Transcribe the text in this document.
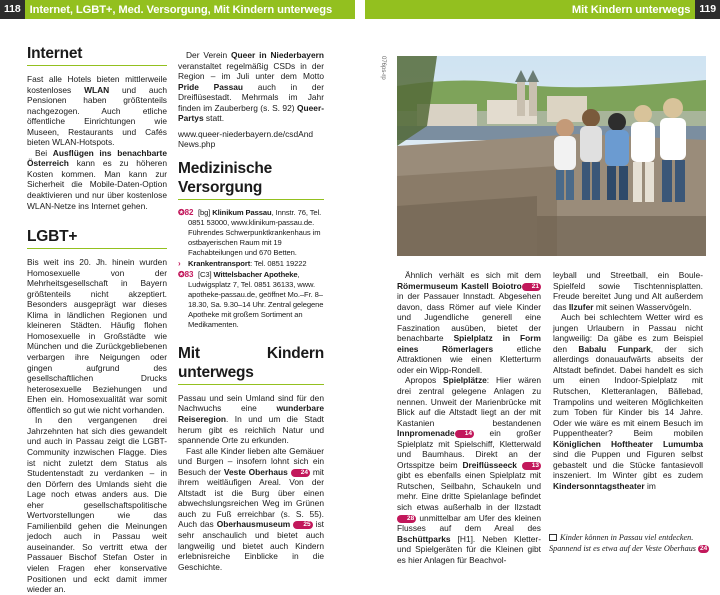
118 Internet, LGBT+, Med. Versorgung, Mit Kindern unterwegs	Mit Kindern unterwegs 119
Internet

Fast alle Hotels bieten mittlerweile kostenloses WLAN und auch Pensionen haben größtenteils nachgezogen. Auch etliche öffentliche Einrichtungen wie Museen, Restaurants und Cafés bieten WLAN-Hotspots.

Bei Ausflügen ins benachbarte Österreich kann es zu höheren Kosten kommen. Man kann zur Sicherheit die Mobile-Daten-Option deaktivieren und nur über kostenlose WLAN-Netze ins Internet gehen.

LGBT+

Bis weit ins 20. Jh. hinein wurden Homosexuelle von der Mehrheitsgesellschaft in Bayern größtenteils nicht akzeptiert. Besonders ausgeprägt war dieses Klima in ländlichen Regionen und kleineren Städten. Häufig flohen Homosexuelle in Großstädte wie München und die Zurückgebliebenen verbargen ihre Neigungen oder gingen aufgrund des gesellschaftlichen Drucks heterosexuelle Beziehungen und Ehen ein. Homosexualität war somit öffentlich so gut wie nicht vorhanden.

In den vergangenen drei Jahrzehnten hat sich dies gewandelt und auch in Passau zeigt die LGBT-Community inzwischen Flagge. Dies ist nicht zuletzt dem Status als Studentenstadt zu verdanken – in den Dörfern des Umlands sieht die Lage noch etwas anders aus. Die eher gesellschaftspolitische Wertvorstellungen wie das Familienbild gehen die Meinungen jedoch auch in Passau weit auseinander. So vertritt etwa der Passauer Bischof Stefan Oster in vielen Fragen eher konservative Positionen und eckt damit immer wieder an.

Der Verein Queer in Niederbayern veranstaltet regelmäßig CSDs in der Region – im Juli unter dem Motto Pride Passau auch in der Dreiflüsestadt. Mehrmals im Jahr finden im Zauberberg (s. S. 92) Queer-Partys statt.

www.queer-niederbayern.de/csdAnd News.php

Medizinische
Versorgung
✪82 [bg] Klinikum Passau, Innstr. 76, Tel. 0851 53000, www.klinikum-passau.de. Führendes Schwerpunktkrankenhaus im ostbayerischen Raum mit 19 Fachabteilungen und 670 Betten.
› Krankentransport: Tel. 0851 19222
✪83 [C3] Wittelsbacher Apotheke, Ludwigsplatz 7, Tel. 0851 36133, www. apotheke-passau.de, geöffnet Mo.–Fr. 8–18.30, Sa. 9.30–14 Uhr. Zentral gelegene Apotheke mit großem Sortiment an Medikamenten.
Mit Kindern unterwegs

Passau und sein Umland sind für den Nachwuchs eine wunderbare Reiseregion. In und um die Stadt herum gibt es reichlich Natur und spannende Orte zu erkunden.

Fast alle Kinder lieben alte Gemäuer und Burgen – insofern lohnt sich ein Besuch der Veste Oberhaus 24 mit ihrem weitläufigen Areal. Von der Altstadt ist die Burg über einen abwechslungsreichen Weg im Grünen auch zu Fuß erreichbar (s. S. 55). Auch das Oberhausmuseum 25 ist sehr anschaulich und bietet auch langweilig und bietet auch Kindern erlebnisreiche Einblicke in die Geschichte.

076ps-rp

Ähnlich verhält es sich mit dem Römermuseum Kastell Boiotro 21 in der Passauer Innstadt. Abgesehen davon, dass Römer auf viele Kinder und Jugendliche generell eine Faszination ausüben, bietet der benachbarte Spielplatz in Form eines Römerlagers etliche Attraktionen wie einen Kletterturm oder ein Wipp-Rondell.

Apropos Spielplätze: Hier wären drei zentral gelegene Anlagen zu nennen. Unweit der Marienbrücke mit Blick auf die Altstadt liegt an der mit Kastanien bestandenen Innpromenade 14 ein großer Spielplatz mit Spielschiff, Kletterwald und Baumhaus. Direkt an der Ortsspitze beim Dreiflüsseeck 13 gibt es ebenfalls einen Spielplatz mit Rutschen, Seilbahn, Schaukeln und mehr. Eine dritte Spielanlage befindet sich etwas außerhalb in der Ilzstadt28 unmittelbar am Ufer des kleinen Flusses auf dem Areal des Bschüttparks [H1]. Neben Kletter- und Spielgeräten für die Kleinen gibt es hier Anlagen für Beachvol-

leyball und Streetball, ein Boule-Spielfeld sowie Tischtennisplatten. Freude bereitet Jung und Alt außerdem das Ilzufer mit seinen Wasservögeln.

Auch bei schlechtem Wetter wird es jungen Urlaubern in Passau nicht langweilig: Da gäbe es zum Beispiel den Babalu Funpark, der sich allerdings donauaufwärts abseits der Altstadt befindet. Dabei handelt es sich um einen Indoor-Spielplatz mit Rutschen, Kletteranlagen, Bällebad, Trampolins und weiteren Möglichkeiten zum Toben für Kinder bis 14 Jahre. Oder wie wäre es mit einem Besuch im Puppentheater? Beim mobilen Königlichen Hoftheater Lumumba sind die Puppen und Figuren selbst gebastelt und die Stücke fantasievoll inszeniert. Im Winter gibt es zudem Kindersonntagstheater im

Kinder können in Passau viel entdecken. Spannend ist es etwa auf der Veste Oberhaus 24
